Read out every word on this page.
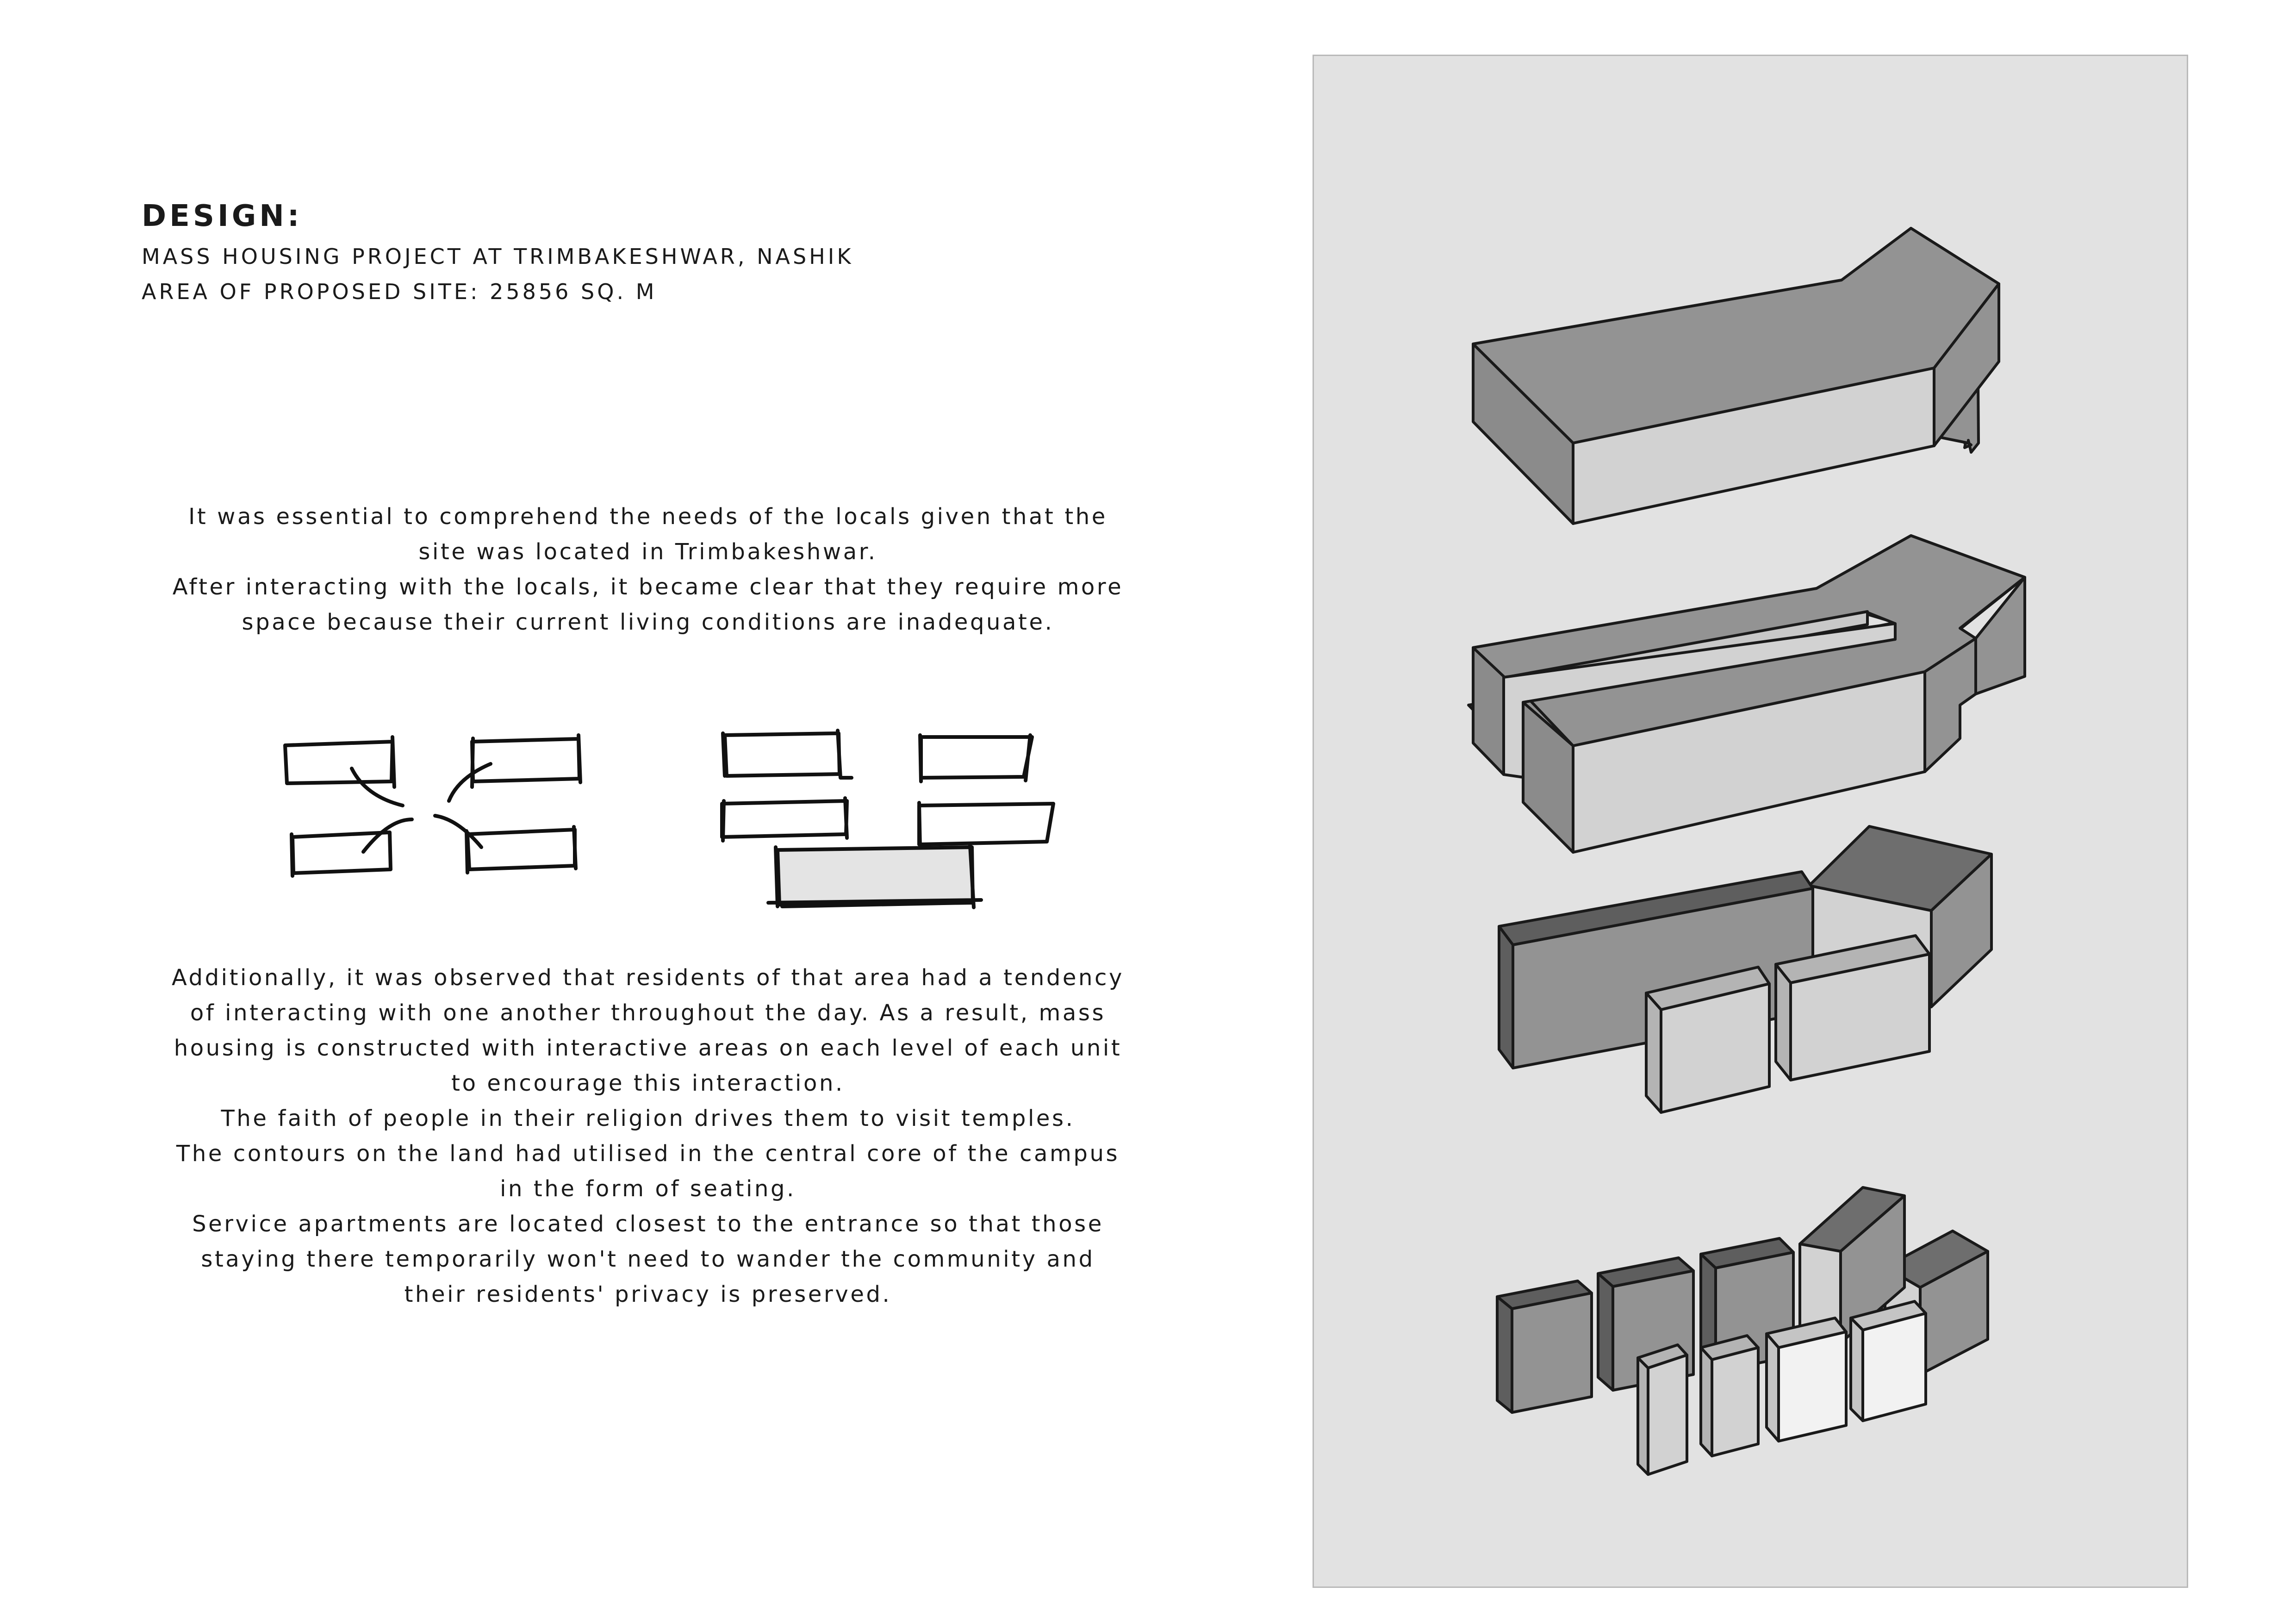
DESIGN:

MASS HOUSING PROJECT AT TRIMBAKESHWAR, NASHIK

AREA OF PROPOSED SITE: 25856 SQ. M

It was essential to comprehend the needs of the locals given that the
site was located in Trimbakeshwar.
After interacting with the locals, it became clear that they require more
space because their current living conditions are inadequate.
Additionally, it was observed that residents of that area had a tendency
of interacting with one another throughout the day. As a result, mass
housing is constructed with interactive areas on each level of each unit
to encourage this interaction.
The faith of people in their religion drives them to visit temples.
The contours on the land had utilised in the central core of the campus
in the form of seating.
Service apartments are located closest to the entrance so that those
staying there temporarily won't need to wander the community and
their residents' privacy is preserved.
